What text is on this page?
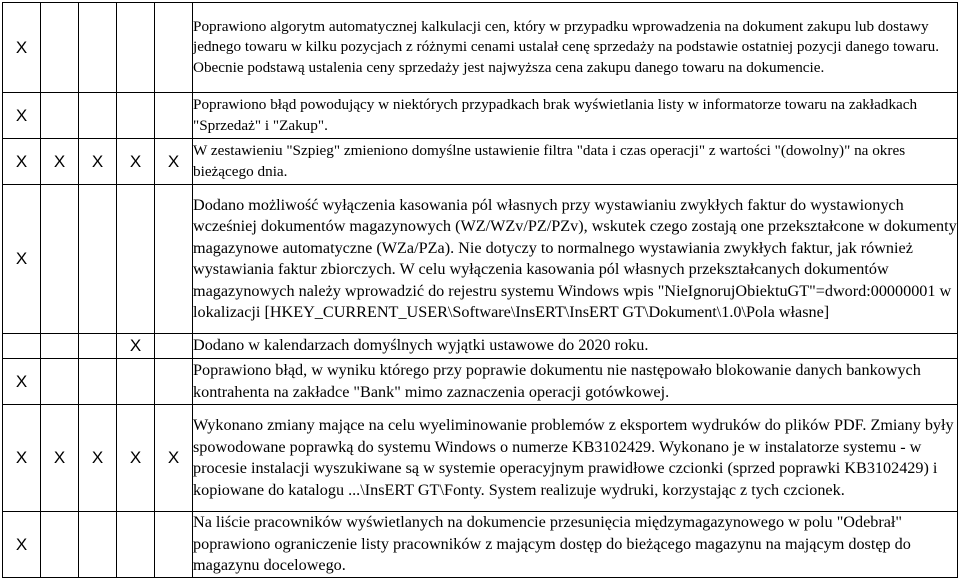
X					Poprawiono algorytm automatycznej kalkulacji cen, który w przypadku wprowadzenia na dokument zakupu lub dostawy jednego towaru w kilku pozycjach z różnymi cenami ustalał cenę sprzedaży na podstawie ostatniej pozycji danego towaru. Obecnie podstawą ustalenia ceny sprzedaży jest najwyższa cena zakupu danego towaru na dokumencie.
X					Poprawiono błąd powodujący w niektórych przypadkach brak wyświetlania listy w informatorze towaru na zakładkach "Sprzedaż" i "Zakup".
X	X	X	X	X	W zestawieniu "Szpieg" zmieniono domyślne ustawienie filtra "data i czas operacji" z wartości "(dowolny)" na okres bieżącego dnia.
X					Dodano możliwość wyłączenia kasowania pól własnych przy wystawianiu zwykłych faktur do wystawionych wcześniej dokumentów magazynowych (WZ/WZv/PZ/PZv), wskutek czego zostają one przekształcone w dokumenty magazynowe automatyczne (WZa/PZa). Nie dotyczy to normalnego wystawiania zwykłych faktur, jak również wystawiania faktur zbiorczych. W celu wyłączenia kasowania pól własnych przekształcanych dokumentów magazynowych należy wprowadzić do rejestru systemu Windows wpis "NieIgnorujObiektuGT"=dword:00000001 w lokalizacji [HKEY_CURRENT_USER\Software\InsERT\InsERT GT\Dokument\1.0\Pola własne]
			X		Dodano w kalendarzach domyślnych wyjątki ustawowe do 2020 roku.
X					Poprawiono błąd, w wyniku którego przy poprawie dokumentu nie następowało blokowanie danych bankowych kontrahenta na zakładce "Bank" mimo zaznaczenia operacji gotówkowej.
X	X	X	X	X	Wykonano zmiany mające na celu wyeliminowanie problemów z eksportem wydruków do plików PDF. Zmiany były spowodowane poprawką do systemu Windows o numerze KB3102429. Wykonano je w instalatorze systemu - w procesie instalacji wyszukiwane są w systemie operacyjnym prawidłowe czcionki (sprzed poprawki KB3102429) i kopiowane do katalogu ...\InsERT GT\Fonty. System realizuje wydruki, korzystając z tych czcionek.
X					Na liście pracowników wyświetlanych na dokumencie przesunięcia międzymagazynowego w polu "Odebrał" poprawiono ograniczenie listy pracowników z mającym dostęp do bieżącego magazynu na mającym dostęp do magazynu docelowego.
